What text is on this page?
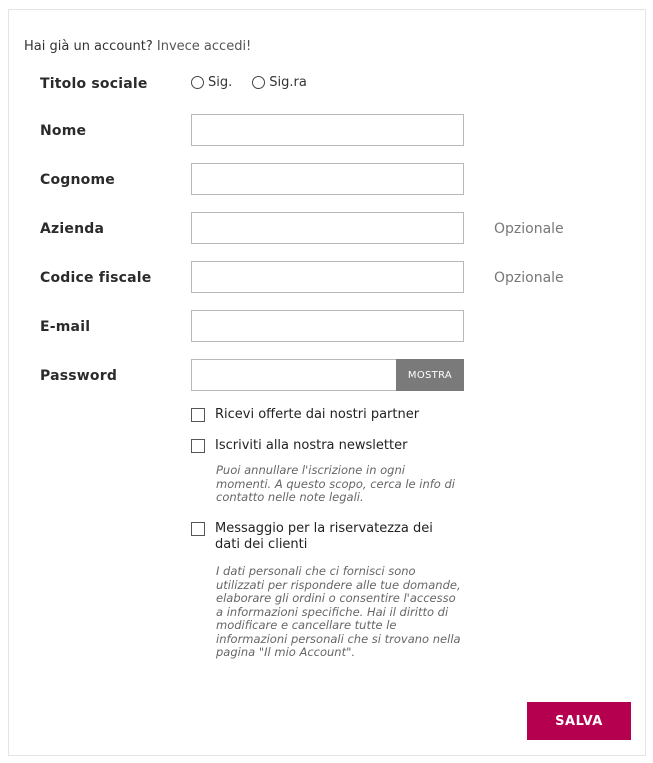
Hai già un account? Invece accedi!
Titolo sociale	Sig.	Sig.ra
Nome
Cognome
Azienda	Opzionale
Codice fiscale	Opzionale
E-mail
Password	MOSTRA
Ricevi offerte dai nostri partner
Iscriviti alla nostra newsletter
Puoi annullare l'iscrizione in ogni momenti. A questo scopo, cerca le info di contatto nelle note legali.
Messaggio per la riservatezza dei dati dei clienti
I dati personali che ci fornisci sono utilizzati per rispondere alle tue domande, elaborare gli ordini o consentire l'accesso a informazioni specifiche. Hai il diritto di modificare e cancellare tutte le informazioni personali che si trovano nella pagina "Il mio Account".
SALVA
